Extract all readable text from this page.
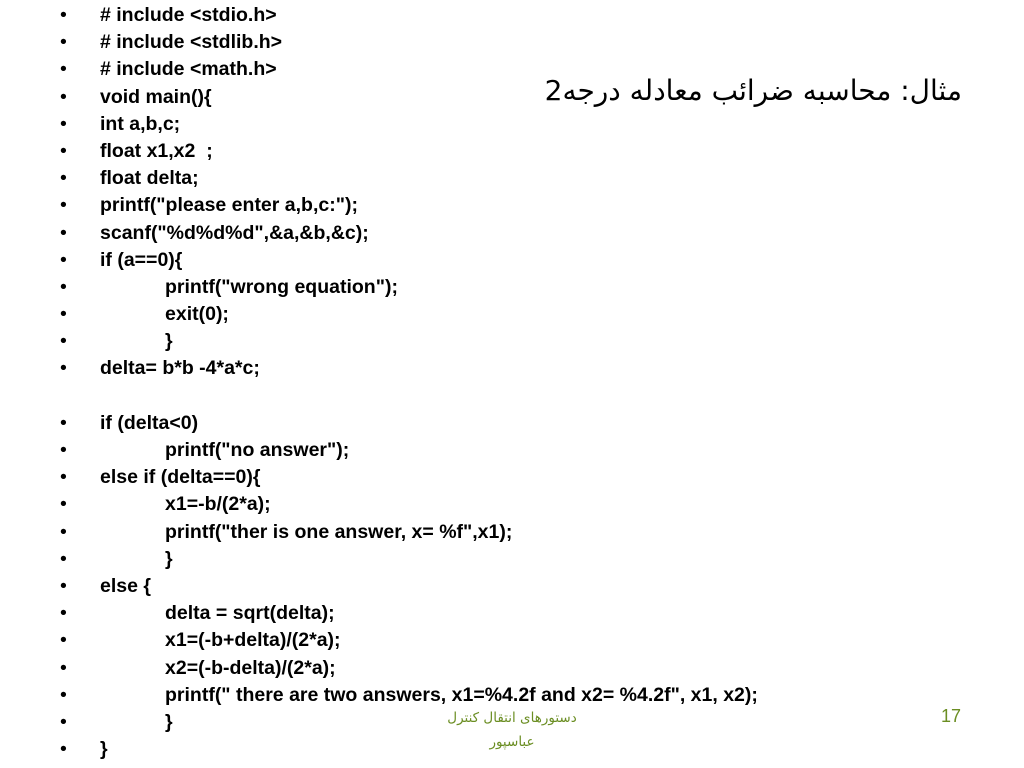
• # include <stdio.h>
• # include <stdlib.h>
• # include <math.h>
• void main(){
• int a,b,c;
• float x1,x2  ;
• float delta;
• printf("please enter a,b,c:");
• scanf("%d%d%d",&a,&b,&c);
• if (a==0){
•	printf("wrong equation");
•	exit(0);
•	}
• delta= b*b -4*a*c;
• if (delta<0)
•	printf("no answer");
• else if (delta==0){
•	x1=-b/(2*a);
•	printf("ther is one answer, x= %f",x1);
•	}
• else {
•	delta = sqrt(delta);
•	x1=(-b+delta)/(2*a);
•	x2=(-b-delta)/(2*a);
•	printf(" there are two answers, x1=%4.2f and x2= %4.2f", x1, x2);
•	}
• }
مثال: محاسبه ضرائب معادله درجه2
دستورهای انتقال کنترل
عباسپور
17
